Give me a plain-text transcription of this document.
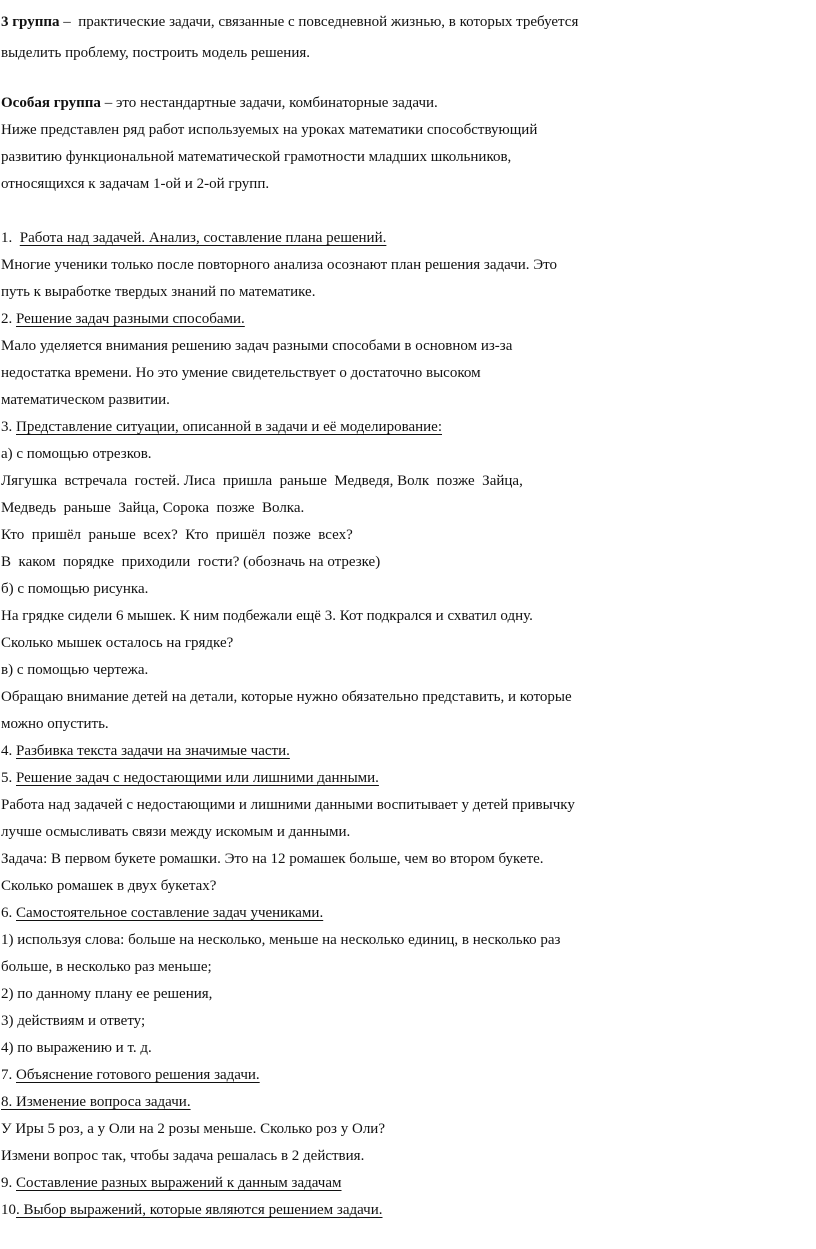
3 группа –  практические задачи, связанные с повседневной жизнью, в которых требуется
выделить проблему, построить модель решения.
Особая группа – это нестандартные задачи, комбинаторные задачи.
Ниже представлен ряд работ используемых на уроках математики способствующий
развитию функциональной математической грамотности младших школьников,
относящихся к задачам 1-ой и 2-ой групп.
1.  Работа над задачей. Анализ, составление плана решений.
Многие ученики только после повторного анализа осознают план решения задачи. Это
путь к выработке твердых знаний по математике.
2. Решение задач разными способами.
Мало уделяется внимания решению задач разными способами в основном из-за
недостатка времени. Но это умение свидетельствует о достаточно высоком
математическом развитии.
3. Представление ситуации, описанной в задачи и её моделирование:
а) с помощью отрезков.
Лягушка  встречала  гостей. Лиса  пришла  раньше  Медведя, Волк  позже  Зайца,
Медведь  раньше  Зайца, Сорока  позже  Волка.
Кто  пришёл  раньше  всех?  Кто  пришёл  позже  всех?
В  каком  порядке  приходили  гости? (обозначь на отрезке)
б) с помощью рисунка.
На грядке сидели 6 мышек. К ним подбежали ещё 3. Кот подкрался и схватил одну.
Сколько мышек осталось на грядке?
в) с помощью чертежа.
Обращаю внимание детей на детали, которые нужно обязательно представить, и которые
можно опустить.
4. Разбивка текста задачи на значимые части.
5. Решение задач с недостающими или лишними данными.
Работа над задачей с недостающими и лишними данными воспитывает у детей привычку
лучше осмысливать связи между искомым и данными.
Задача: В первом букете ромашки. Это на 12 ромашек больше, чем во втором букете.
Сколько ромашек в двух букетах?
6. Самостоятельное составление задач учениками.
1) используя слова: больше на несколько, меньше на несколько единиц, в несколько раз
больше, в несколько раз меньше;
2) по данному плану ее решения,
3) действиям и ответу;
4) по выражению и т. д.
7. Объяснение готового решения задачи.
8. Изменение вопроса задачи.
У Иры 5 роз, а у Оли на 2 розы меньше. Сколько роз у Оли?
Измени вопрос так, чтобы задача решалась в 2 действия.
9. Составление разных выражений к данным задачам
10. Выбор выражений, которые являются решением задачи.
